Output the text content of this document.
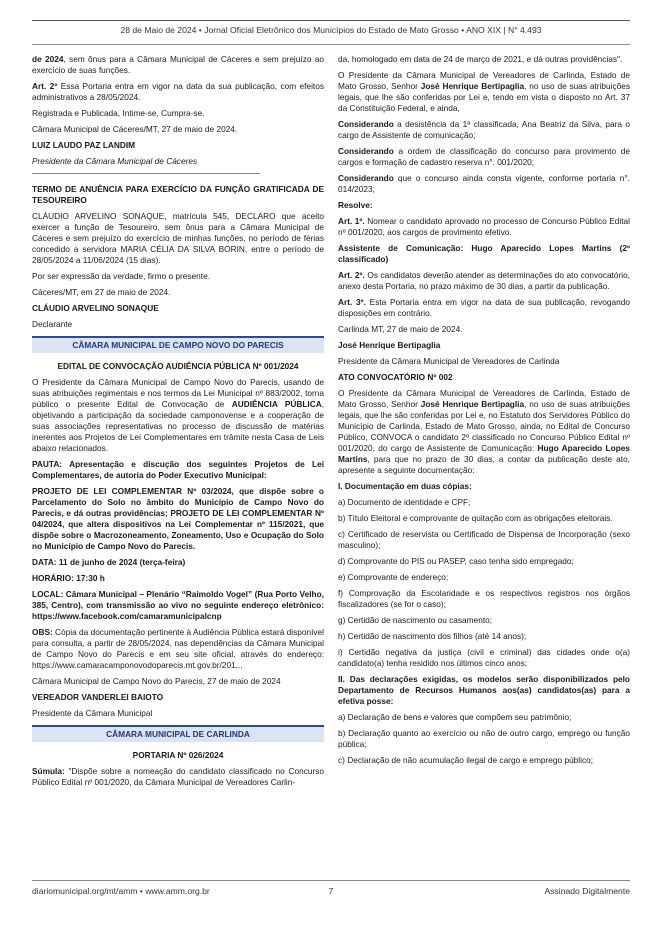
28 de Maio de 2024 • Jornal Oficial Eletrônico dos Municípios do Estado de Mato Grosso • ANO XIX | N° 4.493

de 2024, sem ônus para a Câmara Municipal de Cáceres e sem prejuízo ao exercício de suas funções.

Art. 2º Essa Portaria entra em vigor na data da sua publicação, com efeitos administrativos a 28/05/2024.

Registrada e Publicada, Intime-se, Cumpra-se.

Câmara Municipal de Cáceres/MT, 27 de maio de 2024.

LUIZ LAUDO PAZ LANDIM

Presidente da Câmara Municipal de Cáceres

TERMO DE ANUÊNCIA PARA EXERCÍCIO DA FUNÇÃO GRATIFICADA DE TESOUREIRO

CLÁUDIO ARVELINO SONAQUE, matrícula 545, DECLARO que aceito exercer a função de Tesoureiro, sem ônus para a Câmara Municipal de Cáceres e sem prejuízo do exercício de minhas funções, no período de férias concedido a servidora MARIA CÉLIA DA SILVA BORIN, entre o período de 28/05/2024 a 11/06/2024 (15 dias).

Por ser expressão da verdade, firmo o presente.

Cáceres/MT, em 27 de maio de 2024.

CLÁUDIO ARVELINO SONAQUE

Declarante

CÂMARA MUNICIPAL DE CAMPO NOVO DO PARECIS

EDITAL DE CONVOCAÇÃO AUDIÊNCIA PÚBLICA Nº 001/2024

O Presidente da Câmara Municipal de Campo Novo do Parecis, usando de suas atribuições regimentais e nos termos da Lei Municipal nº 883/2002, torna público o presente Edital de Convocação de AUDIÊNCIA PÚBLICA, objetivando a participação da sociedade camponovense e a cooperação de suas associações representativas no processo de discussão de matérias inerentes aos Projetos de Lei Complementares em trâmite nesta Casa de Leis abaixo relacionados.

PAUTA: Apresentação e discução dos seguintes Projetos de Lei Complementares, de autoria do Poder Executivo Municipal:

PROJETO DE LEI COMPLEMENTAR Nº 03/2024, que dispõe sobre o Parcelamento do Solo no âmbito do Município de Campo Novo do Parecis, e dá outras providências; PROJETO DE LEI COMPLEMENTAR Nº 04/2024, que altera dispositivos na Lei Complementar nº 115/2021, que dispõe sobre o Macrozoneamento, Zoneamento, Uso e Ocupação do Solo no Município de Campo Novo do Parecis.

DATA: 11 de junho de 2024 (terça-feira)

HORÁRIO: 17:30 h

LOCAL: Câmara Municipal – Plenário “Raimoldo Vogel” (Rua Porto Velho, 385, Centro), com transmissão ao vivo no seguinte endereço eletrônico: https://www.facebook.com/camaramunicipalcnp

OBS: Cópia da documentação pertinente à Audiência Pública estará disponível para consulta, a partir de 28/05/2024, nas dependências da Câmara Municipal de Campo Novo do Parecis e em seu site oficial, através do endereço: https://www.camaracamponovodoparecis.mt.gov.br/201...

Câmara Municipal de Campo Novo do Parecis, 27 de maio de 2024

VEREADOR VANDERLEI BAIOTO

Presidente da Câmara Municipal

CÂMARA MUNICIPAL DE CARLINDA

PORTARIA Nº 026/2024

Súmula: "Dispõe sobre a nomeação do candidato classificado no Concurso Público Edital nº 001/2020, da Câmara Municipal de Vereadores Carlin-

da, homologado em data de 24 de março de 2021, e dá outras providências".

O Presidente da Câmara Municipal de Vereadores de Carlinda, Estado de Mato Grosso, Senhor José Henrique Bertipaglia, no uso de suas atribuições legais, que lhe são conferidas por Lei e, tendo em vista o disposto no Art. 37 da Constituição Federal, e ainda,

Considerando a desistência da 1ª classificada, Ana Beatriz da Silva, para o cargo de Assistente de comunicação;

Considerando a ordem de classificação do concurso para provimento de cargos e formação de cadastro reserva n°. 001/2020;

Considerando que o concurso ainda consta vigente, conforme portaria n°. 014/2023;

Resolve:

Art. 1º. Nomear o candidato aprovado no processo de Concurso Público Edital nº 001/2020, aos cargos de provimento efetivo.

Assistente de Comunicação: Hugo Aparecido Lopes Martins (2º classificado)

Art. 2º. Os candidatos deverão atender as determinações do ato convocatório, anexo desta Portaria, no prazo máximo de 30 dias, a partir da publicação.

Art. 3º. Esta Portaria entra em vigor na data de sua publicação, revogando disposições em contrário.

Carlinda MT, 27 de maio de 2024.

José Henrique Bertipaglia

Presidente da Câmara Municipal de Vereadores de Carlinda

ATO CONVOCATÓRIO Nº 002

O Presidente da Câmara Municipal de Vereadores de Carlinda, Estado de Mato Grosso, Senhor José Henrique Bertipaglia, no uso de suas atribuições legais, que lhe são conferidas por Lei e, no Estatuto dos Servidores Público do Município de Carlinda, Estado de Mato Grosso, ainda, no Edital de Concurso Público, CONVOCA o candidato 2º classificado no Concurso Público Edital nº 001/2020, do cargo de Assistente de Comunicação: Hugo Aparecido Lopes Martins, para que no prazo de 30 dias, a contar da publicação deste ato, apresente a seguinte documentação:

I. Documentação em duas cópias:

a) Documento de identidade e CPF;

b) Título Eleitoral e comprovante de quitação com as obrigações eleitorais.

c) Certificado de reservista ou Certificado de Dispensa de Incorporação (sexo masculino);

d) Comprovante do PIS ou PASEP, caso tenha sido empregado;

e) Comprovante de endereço;

f) Comprovação da Escolaridade e os respectivos registros nos órgãos fiscalizadores (se for o caso);

g) Certidão de nascimento ou casamento;

h) Certidão de nascimento dos filhos (até 14 anos);

i) Certidão negativa da justiça (civil e criminal) das cidades onde o(a) candidato(a) tenha residido nos últimos cinco anos;

II. Das declarações exigidas, os modelos serão disponibilizados pelo Departamento de Recursos Humanos aos(as) candidatos(as) para a efetiva posse:

a) Declaração de bens e valores que compõem seu patrimônio;

b) Declaração quanto ao exercício ou não de outro cargo, emprego ou função pública;

c) Declaração de não acumulação ilegal de cargo e emprego público;

diariomunicipal.org/mt/amm • www.amm.org.br	7	Assinado Digitalmente
